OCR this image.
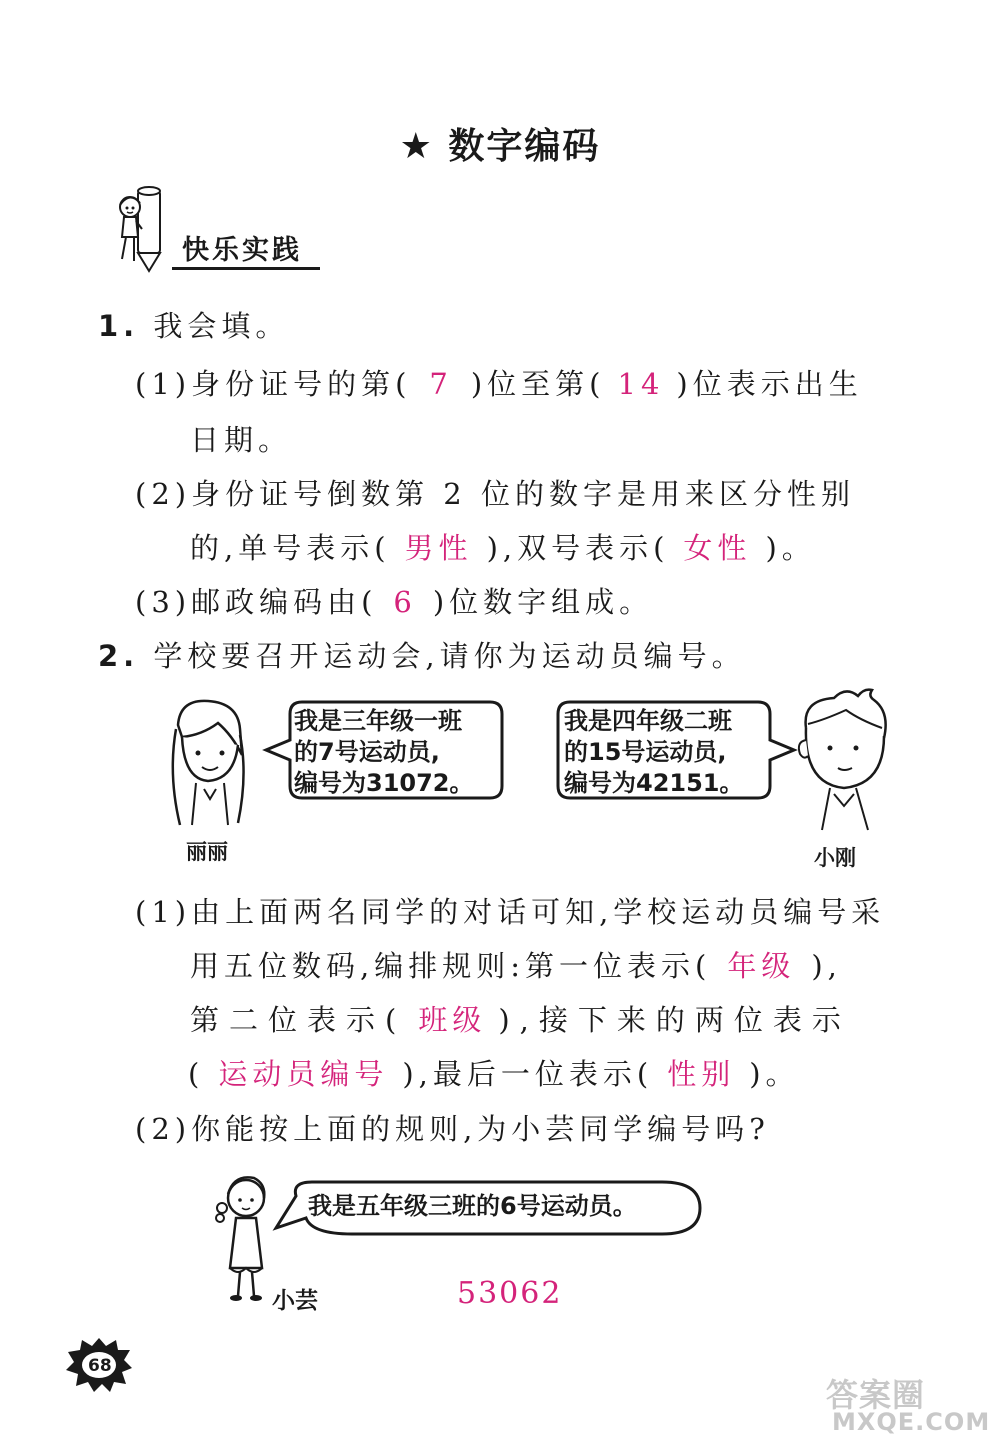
★ 数字编码
快乐实践
1. 我会填。
(1)身份证号的第( 7 )位至第( 14 )位表示出生
日期。
(2)身份证号倒数第 2 位的数字是用来区分性别
的,单号表示( 男性 ),双号表示( 女性 )。
(3)邮政编码由( 6 )位数字组成。
2. 学校要召开运动会,请你为运动员编号。
丽丽
我是三年级一班
的7号运动员,
编号为31072。
我是四年级二班
的15号运动员,
编号为42151。
小刚
(1)由上面两名同学的对话可知,学校运动员编号采
用五位数码,编排规则:第一位表示( 年级 ),
第二位表示( 班级 ),接下来的两位表示
( 运动员编号 ),最后一位表示( 性别 )。
(2)你能按上面的规则,为小芸同学编号吗?
我是五年级三班的6号运动员。
小芸	53062
68
答案圈
MXQE.COM
